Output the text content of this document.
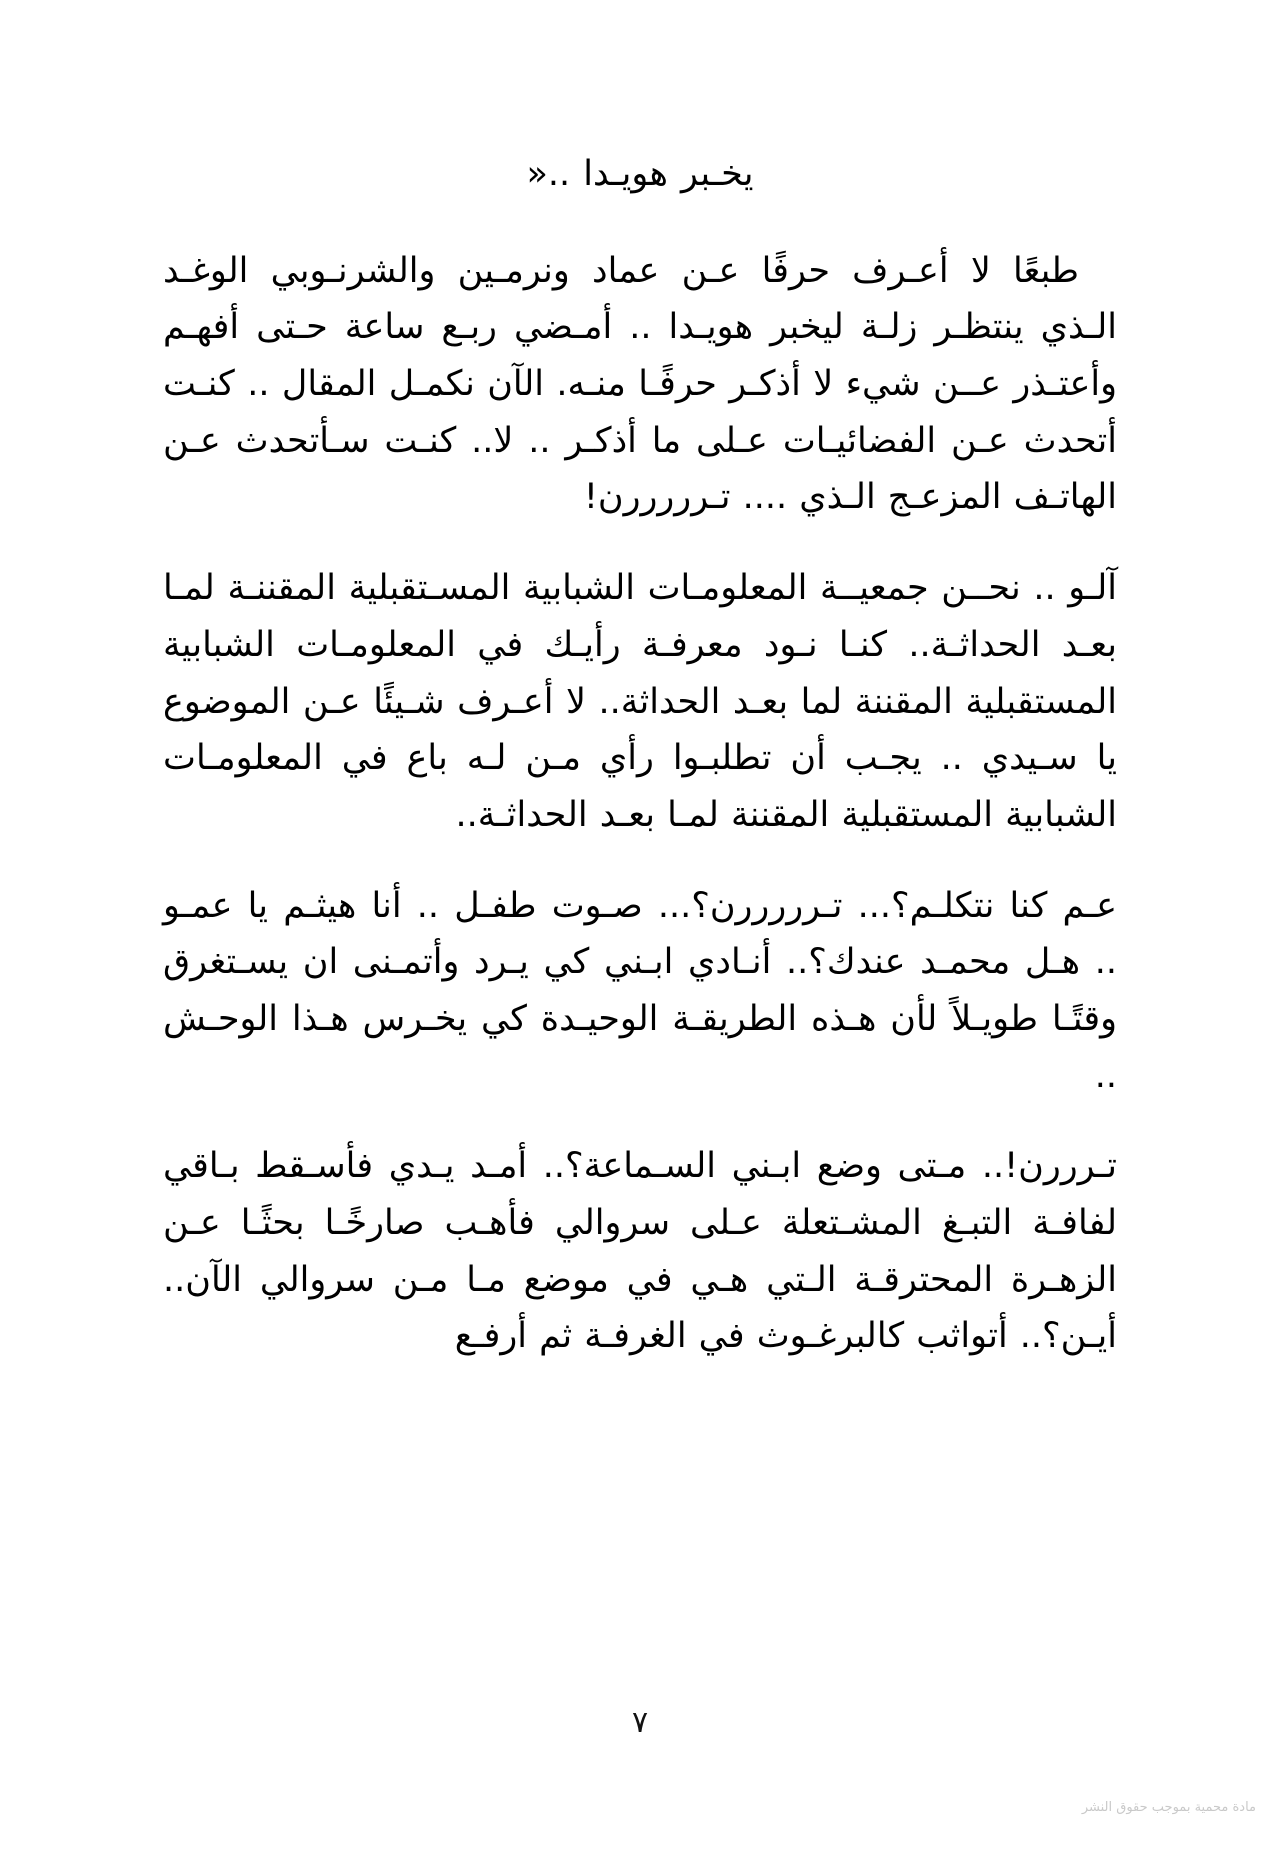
يخـبر هويـدا ..«

طبعًا لا أعـرف حرفًا عـن عماد ونرمـين والشرنـوبي الوغـد الـذي ينتظـر زلـة ليخبر هويـدا .. أمـضي ربـع ساعة حـتى أفهـم وأعتـذر عــن شيء لا أذكـر حرفًـا منـه. الآن نكمـل المقال .. كنـت أتحدث عـن الفضائيـات عـلى ما أذكـر .. لا.. كنـت سـأتحدث عـن الهاتـف المزعـج الـذي .... تـرررررن!

آلـو .. نحــن جمعيــة المعلومـات الشبابية المسـتقبلية المقننـة لمـا بعـد الحداثـة.. كنـا نـود معرفـة رأيـك في المعلومـات الشبابية المستقبلية المقننة لما بعـد الحداثة.. لا أعـرف شـيئًا عـن الموضوع يا سـيدي .. يجـب أن تطلبـوا رأي مـن لـه باع في المعلومـات الشبابية المستقبلية المقننة لمـا بعـد الحداثـة..

عـم كنا نتكلـم؟... تـرررررن؟... صـوت طفـل .. أنا هيثـم يا عمـو .. هـل محمـد عندك؟.. أنـادي ابـني كي يـرد وأتمـنى ان يسـتغرق وقتًـا طويـلاً لأن هـذه الطريقـة الوحيـدة كي يخـرس هـذا الوحـش ..

تـرررن!.. مـتى وضع ابـني السـماعة؟.. أمـد يـدي فأسـقط بـاقي لفافـة التبـغ المشـتعلة عـلى سروالي فأهـب صارخًـا بحثًـا عـن الزهـرة المحترقـة الـتي هـي في موضع مـا مـن سروالي الآن.. أيـن؟.. أتواثب كالبرغـوث في الغرفـة ثم أرفـع

٧
مادة محمية بموجب حقوق النشر
